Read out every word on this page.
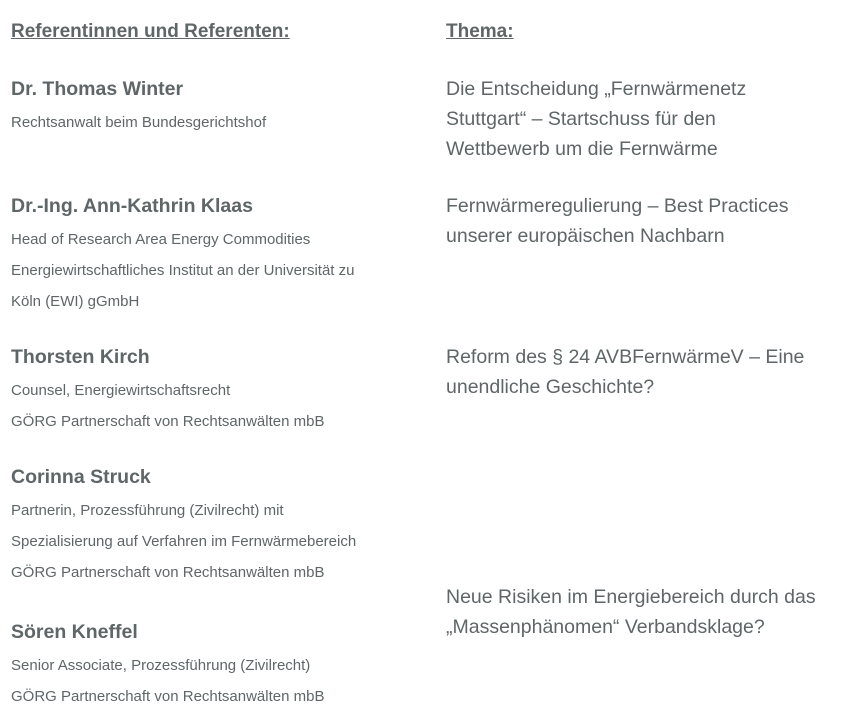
Referentinnen und Referenten:	Thema:
Dr. Thomas Winter
Rechtsanwalt beim Bundesgerichtshof
Dr.-Ing. Ann-Kathrin Klaas
Head of Research Area Energy Commodities
Energiewirtschaftliches Institut an der Universität zu
Köln (EWI) gGmbH
Thorsten Kirch
Counsel, Energiewirtschaftsrecht
GÖRG Partnerschaft von Rechtsanwälten mbB
Corinna Struck
Partnerin, Prozessführung (Zivilrecht) mit
Spezialisierung auf Verfahren im Fernwärmebereich
GÖRG Partnerschaft von Rechtsanwälten mbB
Sören Kneffel
Senior Associate, Prozessführung (Zivilrecht)
GÖRG Partnerschaft von Rechtsanwälten mbB
Die Entscheidung „Fernwärmenetz
Stuttgart“ – Startschuss für den
Wettbewerb um die Fernwärme
Fernwärmeregulierung – Best Practices
unserer europäischen Nachbarn
Reform des § 24 AVBFernwärmeV – Eine
unendliche Geschichte?
Neue Risiken im Energiebereich durch das
„Massenphänomen“ Verbandsklage?
